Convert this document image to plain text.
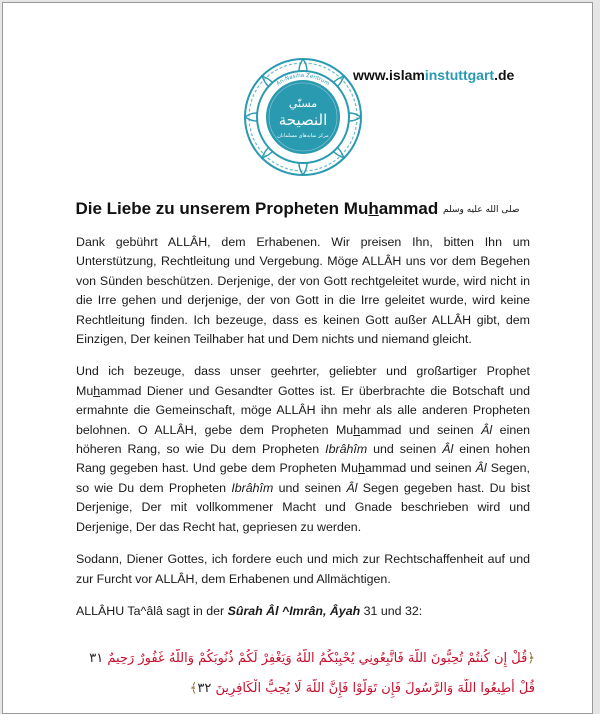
مسنّي
النصيحة
مرکز نمایه‌های مسلمانان
An-Nasiha Zentrum
www.islaminstuttgart.de
Die Liebe zu unserem Propheten Muhammad صلى الله عليه وسلم

Dank gebührt ALLÂH, dem Erhabenen. Wir preisen Ihn, bitten Ihn um Unterstützung, Rechtleitung und Vergebung. Möge ALLÂH uns vor dem Begehen von Sünden beschützen. Derjenige, der von Gott rechtgeleitet wurde, wird nicht in die Irre gehen und derjenige, der von Gott in die Irre geleitet wurde, wird keine Rechtleitung finden. Ich bezeuge, dass es keinen Gott außer ALLÂH gibt, dem Einzigen, Der keinen Teilhaber hat und Dem nichts und niemand gleicht.

Und ich bezeuge, dass unser geehrter, geliebter und großartiger Prophet Muhammad Diener und Gesandter Gottes ist. Er überbrachte die Botschaft und ermahnte die Gemeinschaft, möge ALLÂH ihn mehr als alle anderen Propheten belohnen. O ALLÂH, gebe dem Propheten Muhammad und seinen Âl einen höheren Rang, so wie Du dem Propheten Ibrâhîm und seinen Âl einen hohen Rang gegeben hast. Und gebe dem Propheten Muhammad und seinen Âl Segen, so wie Du dem Propheten Ibrâhîm und seinen Âl Segen gegeben hast. Du bist Derjenige, Der mit vollkommener Macht und Gnade beschrieben wird und Derjenige, Der das Recht hat, gepriesen zu werden.

Sodann, Diener Gottes, ich fordere euch und mich zur Rechtschaffenheit auf und zur Furcht vor ALLÂH, dem Erhabenen und Allmächtigen.

ALLÂHU Ta^âlâ sagt in der Sûrah Âl ^Imrân, Âyah 31 und 32:

﴿قُلْ إِن كُنتُمْ تُحِبُّونَ اللَّهَ فَاتَّبِعُونِي يُحْبِبْكُمُ اللَّهُ وَيَغْفِرْ لَكُمْ ذُنُوبَكُمْ وَاللَّهُ غَفُورٌ رَحِيمٌ ٣١
قُلْ أَطِيعُوا اللَّهَ وَالرَّسُولَ فَإِن تَوَلَّوْا فَإِنَّ اللَّهَ لَا يُحِبُّ الْكَافِرِينَ ٣٢﴾
